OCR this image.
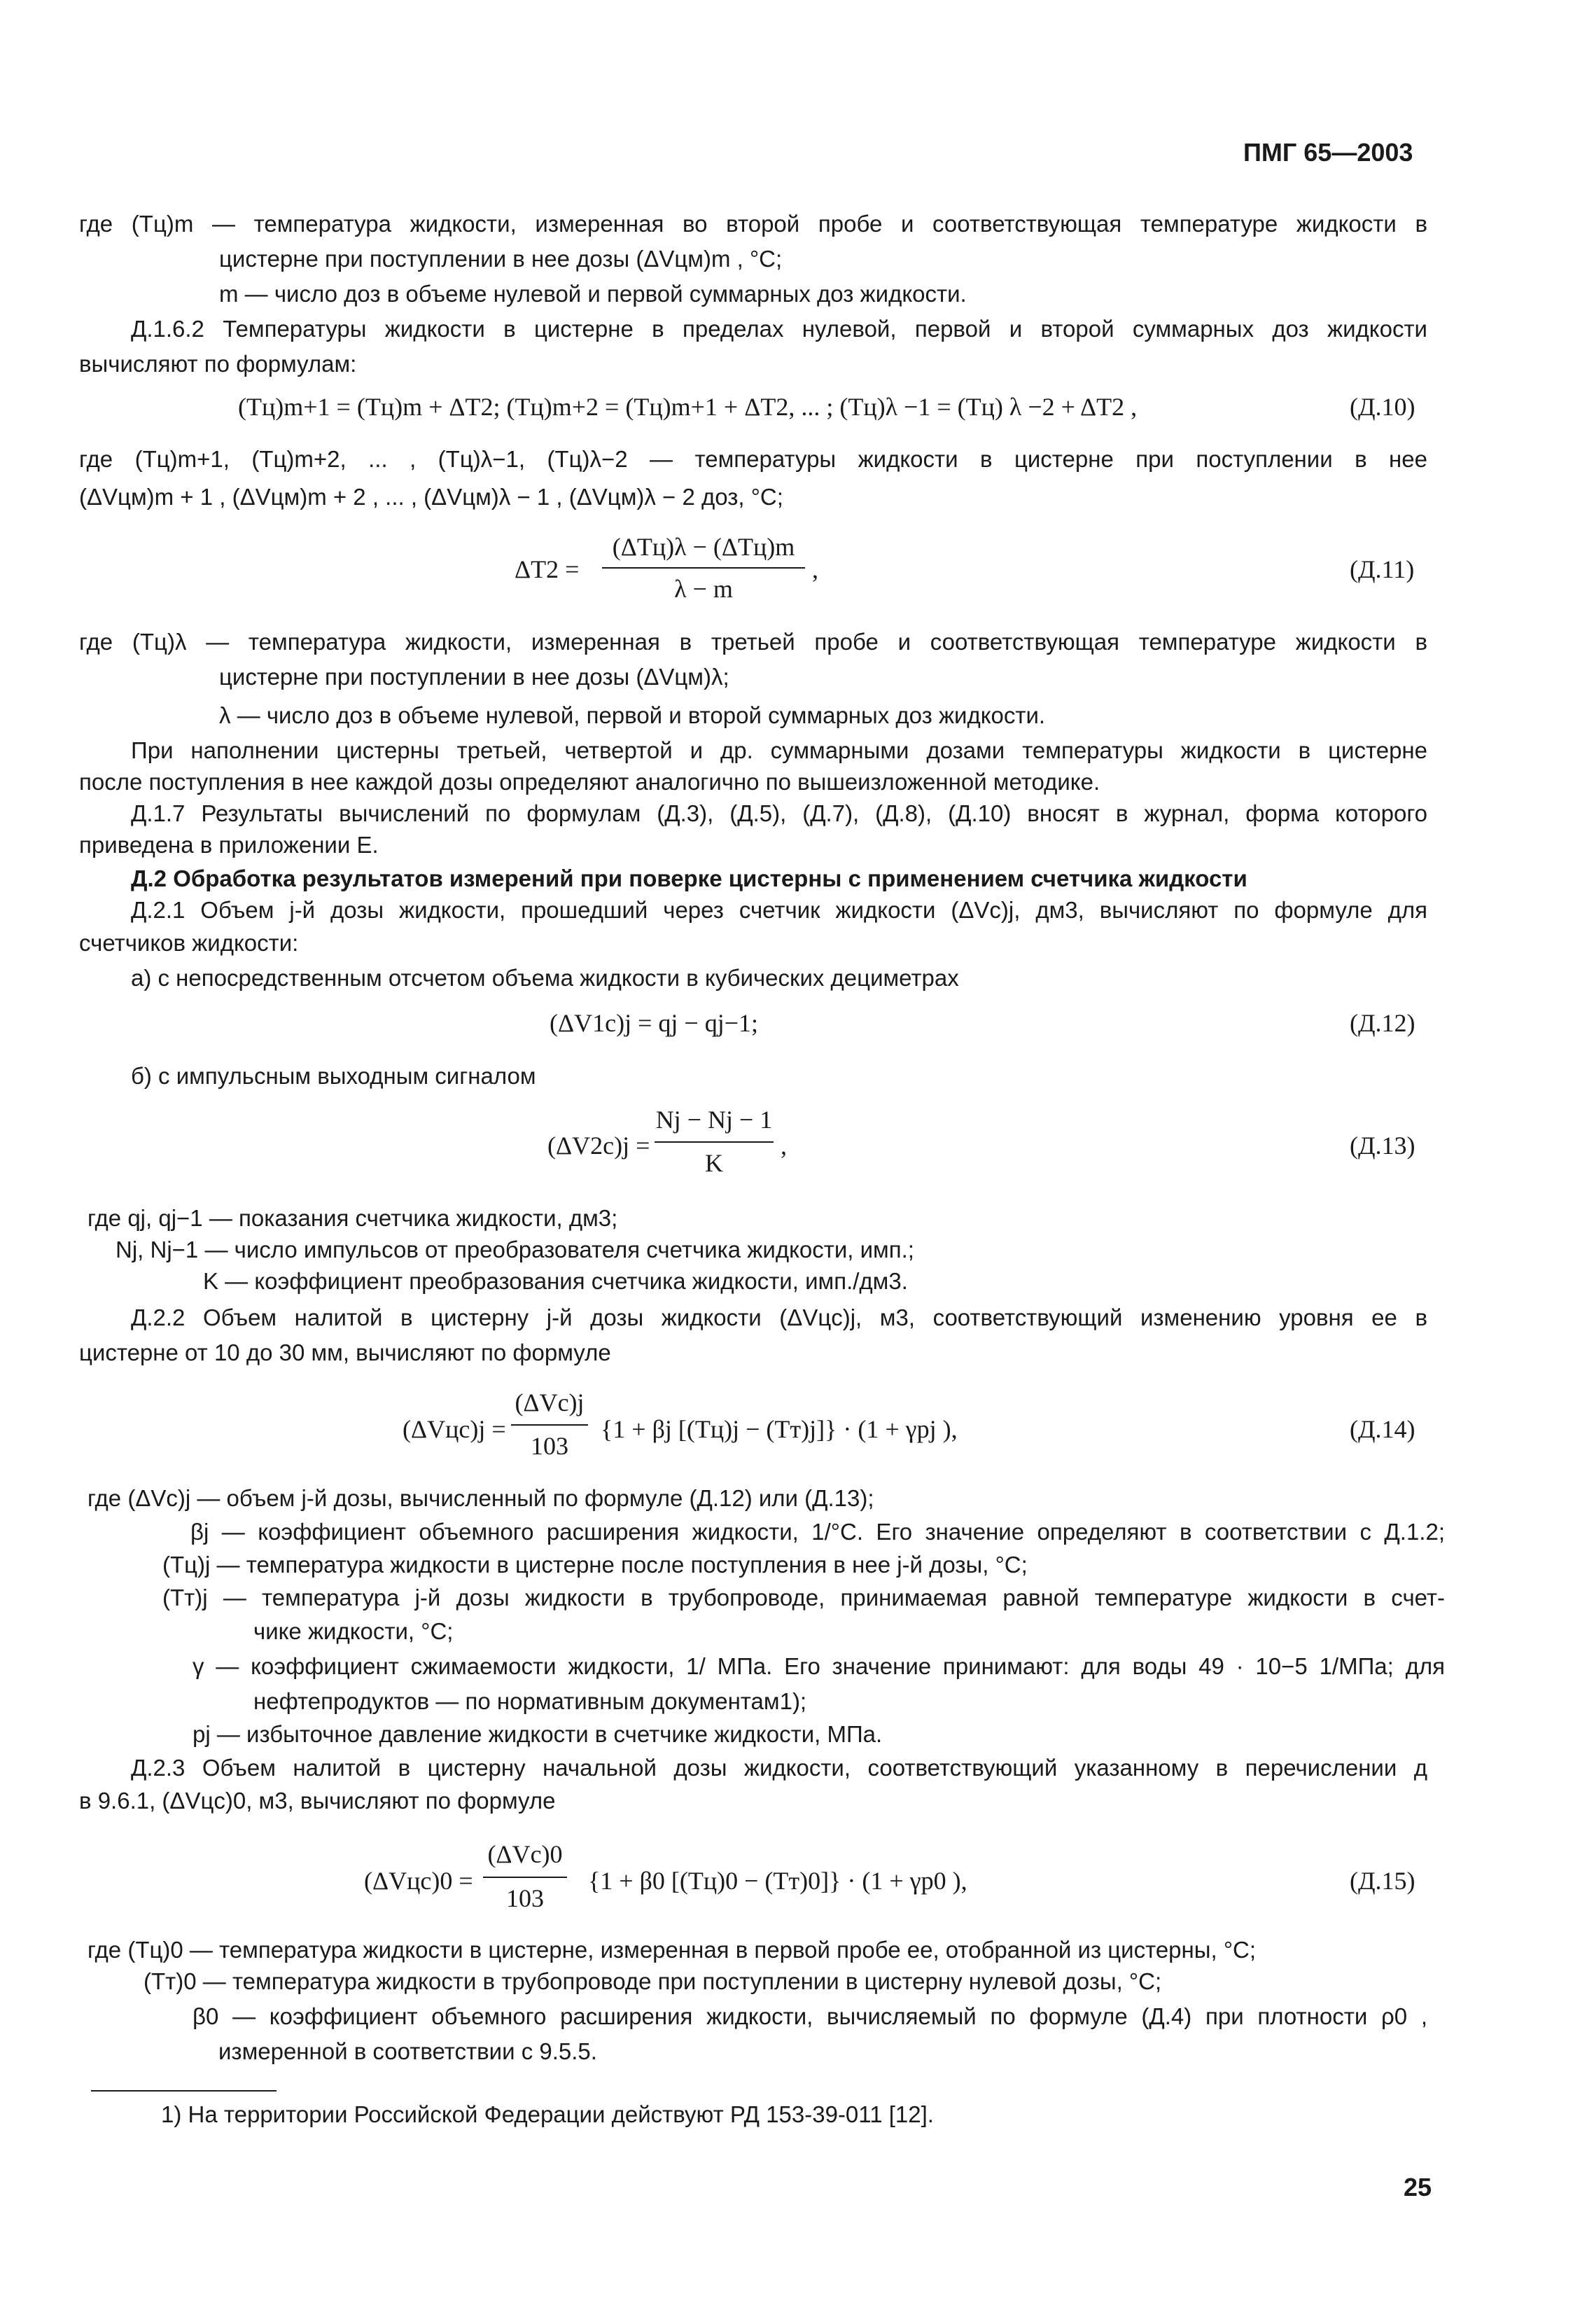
ПМГ 65—2003
где (Tц)m — температура жидкости, измеренная во второй пробе и соответствующая температуре жидкости в
цистерне при поступлении в нее дозы (ΔVцм)m , °С;
m — число доз в объеме нулевой и первой суммарных доз жидкости.
Д.1.6.2 Температуры жидкости в цистерне в пределах нулевой, первой и второй суммарных доз жидкости
вычисляют по формулам:
(Tц)m+1 = (Tц)m + ΔT2; (Tц)m+2 = (Tц)m+1 + ΔT2, ... ; (Tц)λ −1 = (Tц) λ −2 + ΔT2 ,	(Д.10)
где (Tц)m+1, (Tц)m+2, ... , (Tц)λ−1, (Tц)λ−2 — температуры жидкости в цистерне при поступлении в нее
(ΔVцм)m + 1 , (ΔVцм)m + 2 , ... , (ΔVцм)λ − 1 , (ΔVцм)λ − 2 доз, °С;
ΔT2 =
(ΔTц)λ − (ΔTц)m
λ − m
,	(Д.11)
где (Tц)λ — температура жидкости, измеренная в третьей пробе и соответствующая температуре жидкости в
цистерне при поступлении в нее дозы (ΔVцм)λ;
λ — число доз в объеме нулевой, первой и второй суммарных доз жидкости.
При наполнении цистерны третьей, четвертой и др. суммарными дозами температуры жидкости в цистерне
после поступления в нее каждой дозы определяют аналогично по вышеизложенной методике.
Д.1.7 Результаты вычислений по формулам (Д.3), (Д.5), (Д.7), (Д.8), (Д.10) вносят в журнал, форма которого
приведена в приложении Е.
Д.2 Обработка результатов измерений при поверке цистерны с применением счетчика жидкости
Д.2.1 Объем j-й дозы жидкости, прошедший через счетчик жидкости (ΔVc)j, дм3, вычисляют по формуле для
счетчиков жидкости:
а) с непосредственным отсчетом объема жидкости в кубических дециметрах
(ΔV1c)j = qj − qj−1;	(Д.12)
б) с импульсным выходным сигналом
(ΔV2c)j =
Nj − Nj − 1
K
,	(Д.13)
где qj, qj−1 — показания счетчика жидкости, дм3;
Nj, Nj−1 — число импульсов от преобразователя счетчика жидкости, имп.;
K — коэффициент преобразования счетчика жидкости, имп./дм3.
Д.2.2 Объем налитой в цистерну j-й дозы жидкости (ΔVцc)j, м3, соответствующий изменению уровня ее в
цистерне от 10 до 30 мм, вычисляют по формуле
(ΔVцc)j =
(ΔVc)j
103
{1 + βj [(Tц)j − (Tт)j]} · (1 + γpj ),	(Д.14)
где (ΔVc)j — объем j-й дозы, вычисленный по формуле (Д.12) или (Д.13);
βj — коэффициент объемного расширения жидкости, 1/°С. Его значение определяют в соответствии с Д.1.2;
(Tц)j — температура жидкости в цистерне после поступления в нее j-й дозы, °С;
(Tт)j — температура j-й дозы жидкости в трубопроводе, принимаемая равной температуре жидкости в счет-
чике жидкости, °С;
γ — коэффициент сжимаемости жидкости, 1/ МПа. Его значение принимают: для воды 49 · 10−5 1/МПа; для
нефтепродуктов — по нормативным документам1);
pj — избыточное давление жидкости в счетчике жидкости, МПа.
Д.2.3 Объем налитой в цистерну начальной дозы жидкости, соответствующий указанному в перечислении д
в 9.6.1, (ΔVцc)0, м3, вычисляют по формуле
(ΔVцc)0 =
(ΔVc)0
103
{1 + β0 [(Tц)0 − (Tт)0]} · (1 + γp0 ),	(Д.15)
где (Tц)0 — температура жидкости в цистерне, измеренная в первой пробе ее, отобранной из цистерны, °С;
(Tт)0 — температура жидкости в трубопроводе при поступлении в цистерну нулевой дозы, °С;
β0 — коэффициент объемного расширения жидкости, вычисляемый по формуле (Д.4) при плотности ρ0 ,
измеренной в соответствии с 9.5.5.
1) На территории Российской Федерации действуют РД 153-39-011 [12].
25
